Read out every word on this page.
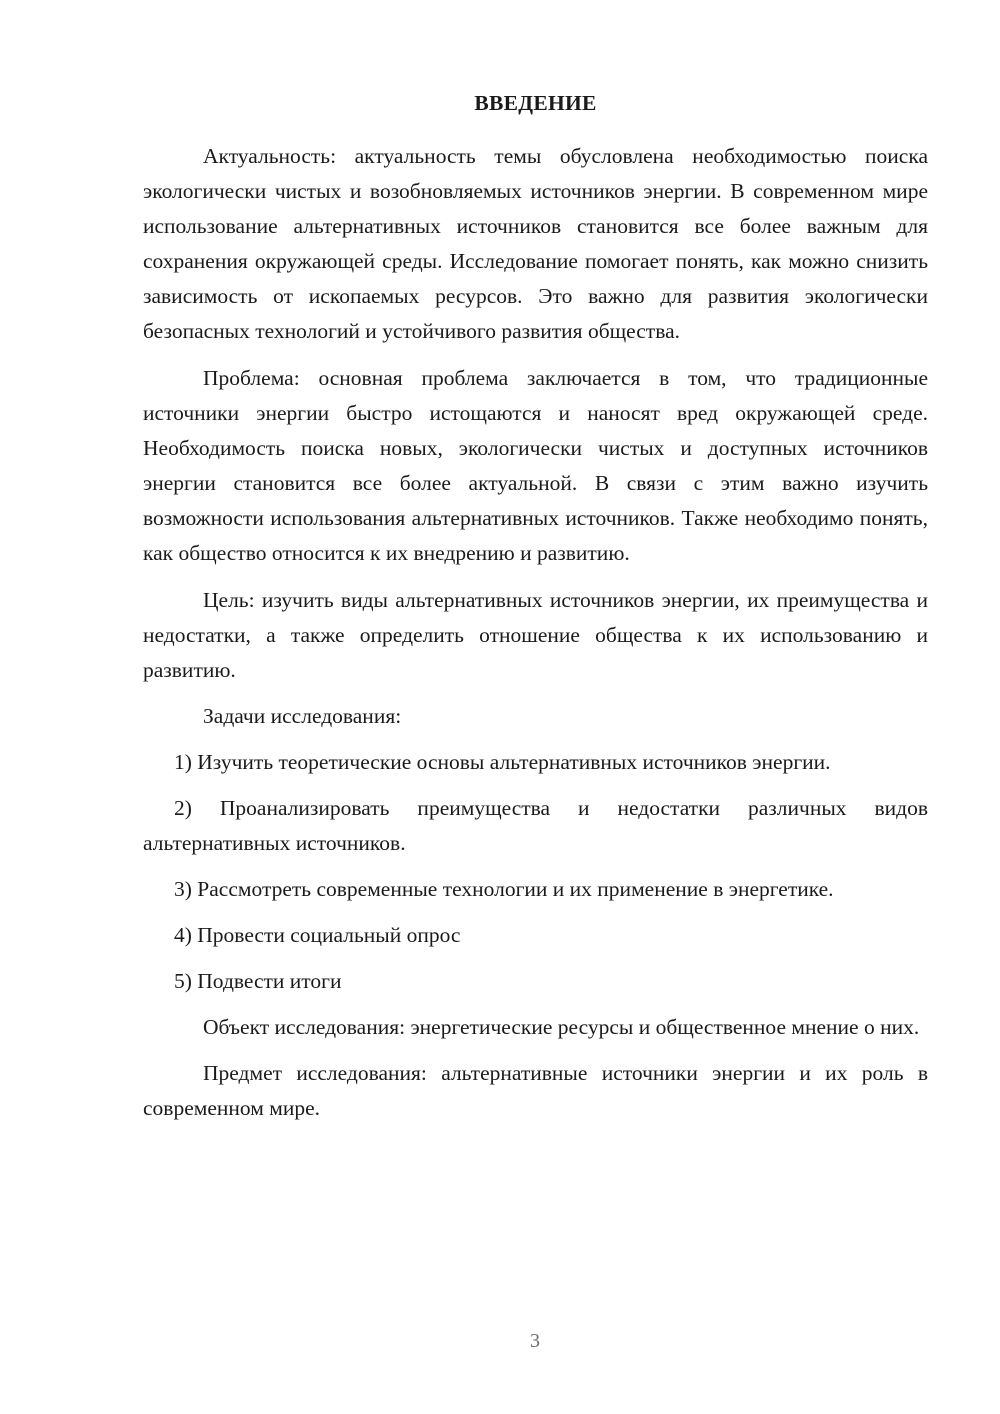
ВВЕДЕНИЕ

Актуальность: актуальность темы обусловлена необходимостью поиска экологически чистых и возобновляемых источников энергии. В современном мире использование альтернативных источников становится все более важным для сохранения окружающей среды. Исследование помогает понять, как можно снизить зависимость от ископаемых ресурсов. Это важно для развития экологически безопасных технологий и устойчивого развития общества.

Проблема: основная проблема заключается в том, что традиционные источники энергии быстро истощаются и наносят вред окружающей среде. Необходимость поиска новых, экологически чистых и доступных источников энергии становится все более актуальной. В связи с этим важно изучить возможности использования альтернативных источников. Также необходимо понять, как общество относится к их внедрению и развитию.

Цель: изучить виды альтернативных источников энергии, их преимущества и недостатки, а также определить отношение общества к их использованию и развитию.

Задачи исследования:

1) Изучить теоретические основы альтернативных источников энергии.

2) Проанализировать преимущества и недостатки различных видов альтернативных источников.

3) Рассмотреть современные технологии и их применение в энергетике.

4) Провести социальный опрос

5) Подвести итоги

Объект исследования: энергетические ресурсы и общественное мнение о них.

Предмет исследования: альтернативные источники энергии и их роль в современном мире.

3
